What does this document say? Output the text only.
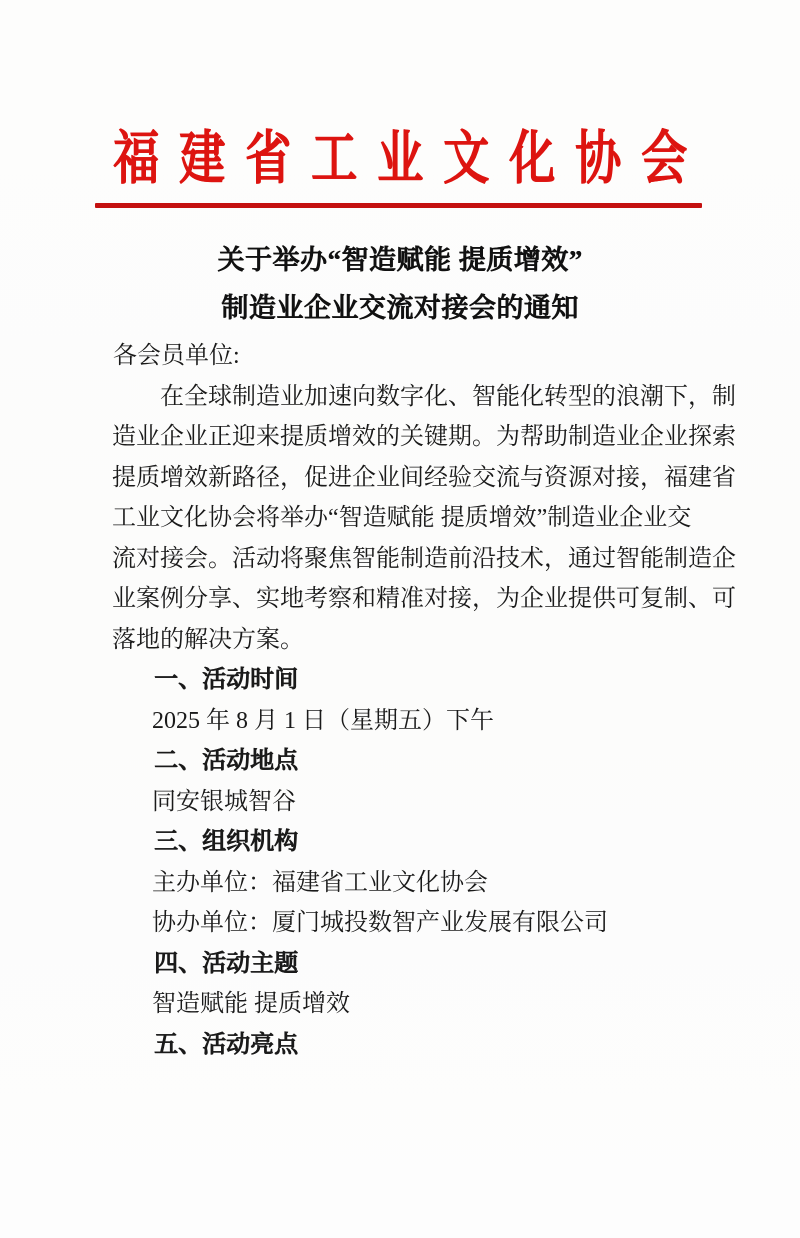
福建省工业文化协会
关于举办“智造赋能 提质增效”
制造业企业交流对接会的通知
各会员单位:
在全球制造业加速向数字化、智能化转型的浪潮下，制
造业企业正迎来提质增效的关键期。为帮助制造业企业探索
提质增效新路径，促进企业间经验交流与资源对接，福建省
工业文化协会将举办“智造赋能 提质增效”制造业企业交
流对接会。活动将聚焦智能制造前沿技术，通过智能制造企
业案例分享、实地考察和精准对接，为企业提供可复制、可
落地的解决方案。
一、活动时间
2025 年 8 月 1 日（星期五）下午
二、活动地点
同安银城智谷
三、组织机构
主办单位：福建省工业文化协会
协办单位：厦门城投数智产业发展有限公司
四、活动主题
智造赋能 提质增效
五、活动亮点
